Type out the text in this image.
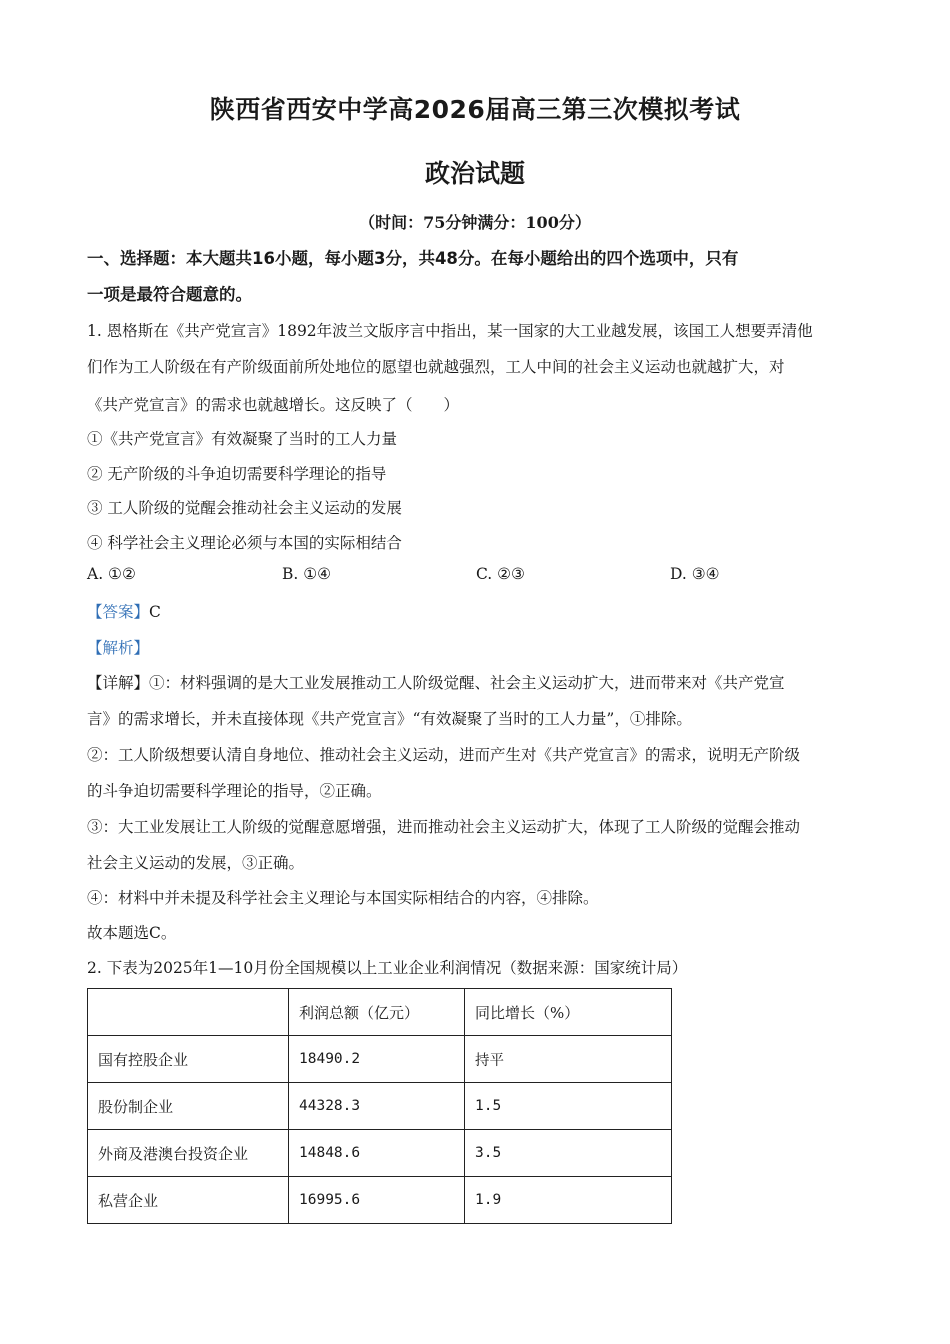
陕西省西安中学高2026届高三第三次模拟考试
政治试题
（时间：75分钟满分：100分）
一、选择题：本大题共16小题，每小题3分，共48分。在每小题给出的四个选项中，只有
一项是最符合题意的。
1. 恩格斯在《共产党宣言》1892年波兰文版序言中指出，某一国家的大工业越发展，该国工人想要弄清他
们作为工人阶级在有产阶级面前所处地位的愿望也就越强烈，工人中间的社会主义运动也就越扩大，对
《共产党宣言》的需求也就越增长。这反映了（　　）
①《共产党宣言》有效凝聚了当时的工人力量
② 无产阶级的斗争迫切需要科学理论的指导
③ 工人阶级的觉醒会推动社会主义运动的发展
④ 科学社会主义理论必须与本国的实际相结合
A. ①②	B. ①④	C. ②③	D. ③④
【答案】C
【解析】
【详解】①：材料强调的是大工业发展推动工人阶级觉醒、社会主义运动扩大，进而带来对《共产党宣
言》的需求增长，并未直接体现《共产党宣言》“有效凝聚了当时的工人力量”，①排除。
②：工人阶级想要认清自身地位、推动社会主义运动，进而产生对《共产党宣言》的需求，说明无产阶级
的斗争迫切需要科学理论的指导，②正确。
③：大工业发展让工人阶级的觉醒意愿增强，进而推动社会主义运动扩大，体现了工人阶级的觉醒会推动
社会主义运动的发展，③正确。
④：材料中并未提及科学社会主义理论与本国实际相结合的内容，④排除。
故本题选C。
2. 下表为2025年1—10月份全国规模以上工业企业利润情况（数据来源：国家统计局）
	利润总额（亿元）	同比增长（%）
国有控股企业	18490.2	持平
股份制企业	44328.3	1.5
外商及港澳台投资企业	14848.6	3.5
私营企业	16995.6	1.9
